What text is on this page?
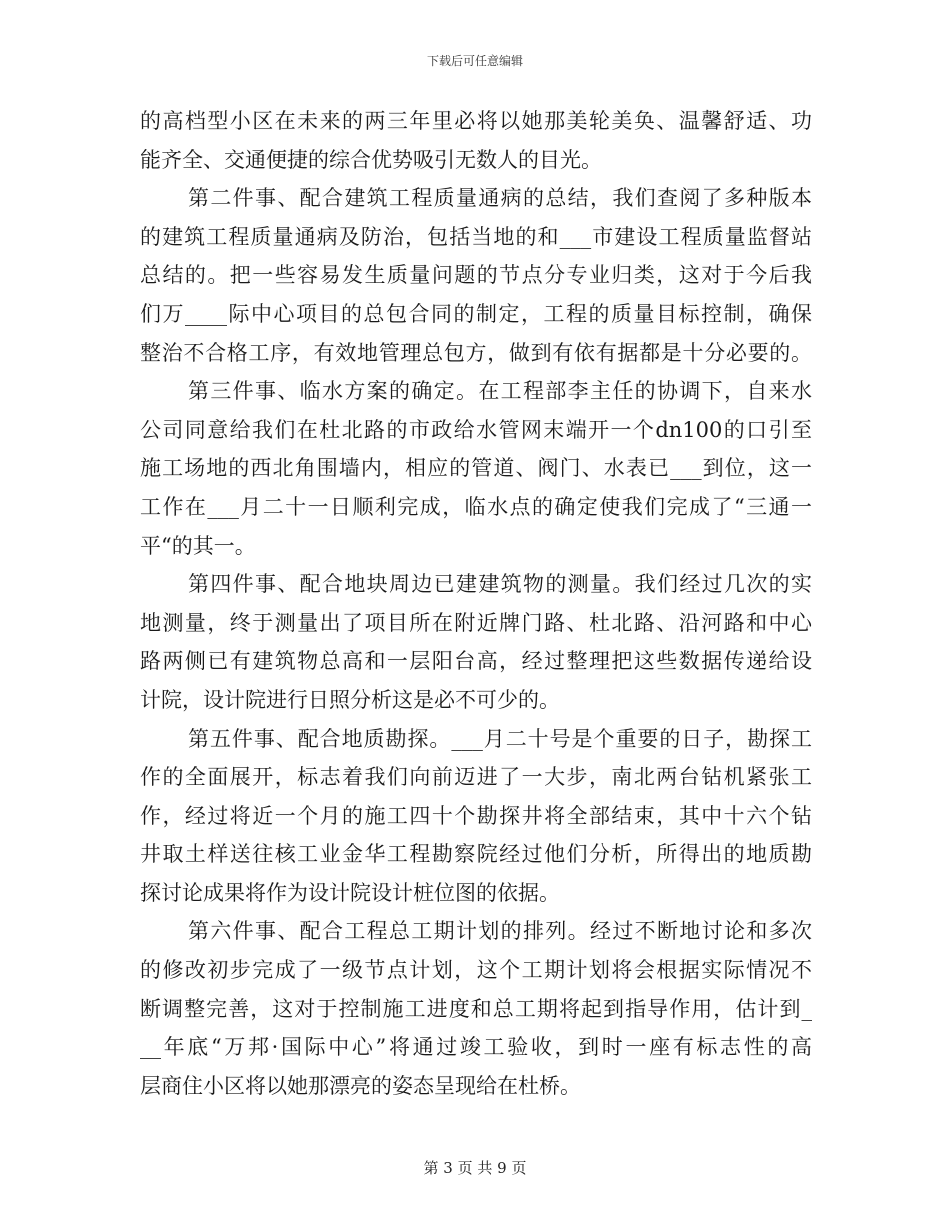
下载后可任意编辑
的高档型小区在未来的两三年里必将以她那美轮美奂、温馨舒适、功
能齐全、交通便捷的综合优势吸引无数人的目光。
第二件事、配合建筑工程质量通病的总结，我们查阅了多种版本
的建筑工程质量通病及防治，包括当地的和___市建设工程质量监督站
总结的。把一些容易发生质量问题的节点分专业归类，这对于今后我
们万____际中心项目的总包合同的制定，工程的质量目标控制，确保
整治不合格工序，有效地管理总包方，做到有依有据都是十分必要的。
第三件事、临水方案的确定。在工程部李主任的协调下，自来水
公司同意给我们在杜北路的市政给水管网末端开一个dn100的口引至
施工场地的西北角围墙内，相应的管道、阀门、水表已___到位，这一
工作在___月二十一日顺利完成，临水点的确定使我们完成了“三通一
平“的其一。
第四件事、配合地块周边已建建筑物的测量。我们经过几次的实
地测量，终于测量出了项目所在附近牌门路、杜北路、沿河路和中心
路两侧已有建筑物总高和一层阳台高，经过整理把这些数据传递给设
计院，设计院进行日照分析这是必不可少的。
第五件事、配合地质勘探。___月二十号是个重要的日子，勘探工
作的全面展开，标志着我们向前迈进了一大步，南北两台钻机紧张工
作，经过将近一个月的施工四十个勘探井将全部结束，其中十六个钻
井取土样送往核工业金华工程勘察院经过他们分析，所得出的地质勘
探讨论成果将作为设计院设计桩位图的依据。
第六件事、配合工程总工期计划的排列。经过不断地讨论和多次
的修改初步完成了一级节点计划，这个工期计划将会根据实际情况不
断调整完善，这对于控制施工进度和总工期将起到指导作用，估计到_
__年底“万邦·国际中心”将通过竣工验收，到时一座有标志性的高
层商住小区将以她那漂亮的姿态呈现给在杜桥。
第 3 页 共 9 页
